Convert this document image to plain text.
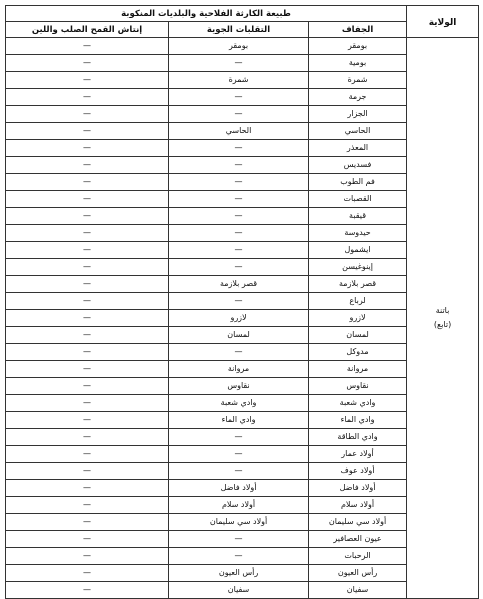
الولاية	طبيعة الكارثة الفلاحية والبلديات المنكوبة		
	الجفاف	التقلبات الجوية	إنتاش القمح الصلب واللين

باتنة
(تابع)	بومقر	بومقر	—
	بومية	—	—
	شمرة	شمرة	—
	جرمة	—	—
	الجزار	—	—
	الحاسي	الحاسي	—
	المعذر	—	—
	فسديس	—	—
	فم الطوب	—	—
	القصبات	—	—
	قيقبة	—	—
	حيدوسة	—	—
	ايشمول	—	—
	إينوغيسن	—	—
	قصر بلازمة	قصر بلازمة	—
	لرباع	—	—
	لازرو	لازرو	—
	لمسان	لمسان	—
	مدوكل	—	—
	مروانة	مروانة	—
	نقاوس	نقاوس	—
	وادي شعبة	وادي شعبة	—
	وادي الماء	وادي الماء	—
	وادي الطاقة	—	—
	أولاد عمار	—	—
	أولاد عوف	—	—
	أولاد فاضل	أولاد فاضل	—
	أولاد سلام	أولاد سلام	—
	أولاد سي سليمان	أولاد سي سليمان	—
	عيون العصافير	—	—
	الرحبات	—	—
	رأس العيون	رأس العيون	—
	سفيان	سفيان	—
